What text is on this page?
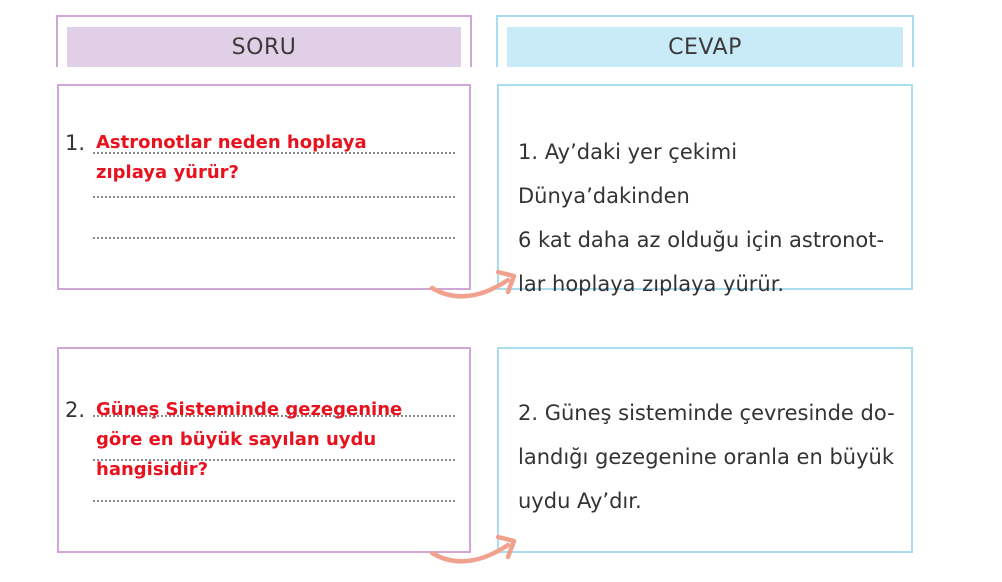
SORU	CEVAP
1. Astronotlar neden hoplaya
zıplaya yürür?
1. Ay’daki yer çekimi Dünya’dakinden
6 kat daha az olduğu için astronot-
lar hoplaya zıplaya yürür.
2. Güneş Sisteminde gezegenine
göre en büyük sayılan uydu
hangisidir?
2. Güneş sisteminde çevresinde do-
landığı gezegenine oranla en büyük
uydu Ay’dır.
